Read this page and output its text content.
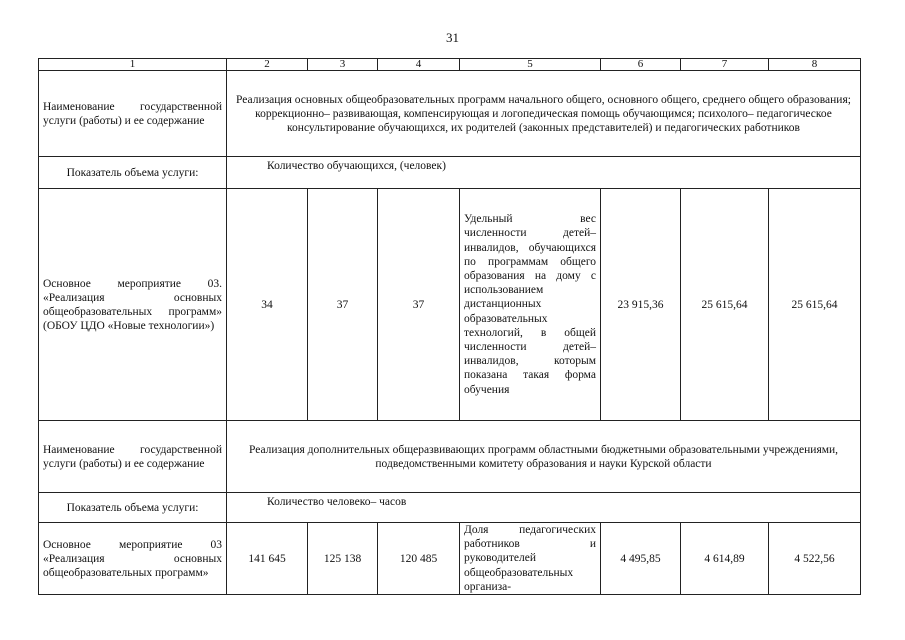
31
1	2	3	4	5	6	7	8
Наименование государственной услуги (работы) и ее содержание	Реализация основных общеобразовательных программ начального общего, основного общего, среднего общего образования; коррекционно– развивающая, компенсирующая и логопедическая помощь обучающимся; психолого– педагогическое консультирование обучающихся, их родителей (законных представителей) и педагогических работников						
Показатель объема услуги:	Количество обучающихся, (человек)						
Основное мероприятие 03. «Реализация основных общеобразовательных программ» (ОБОУ ЦДО «Новые технологии»)	34	37	37	Удельный вес численности детей– инвалидов, обучающихся по программам общего образования на дому с использованием дистанционных образовательных технологий, в общей численности детей– инвалидов, которым показана такая форма обучения	23 915,36	25 615,64	25 615,64
Наименование государственной услуги (работы) и ее содержание	Реализация дополнительных общеразвивающих программ областными бюджетными образовательными учреждениями, подведомственными комитету образования и науки Курской области						
Показатель объема услуги:	Количество человеко– часов						
Основное мероприятие 03 «Реализация основных общеобразовательных программ»	141 645	125 138	120 485	Доля педагогических работников и руководителей общеобразовательных организа-	4 495,85	4 614,89	4 522,56
